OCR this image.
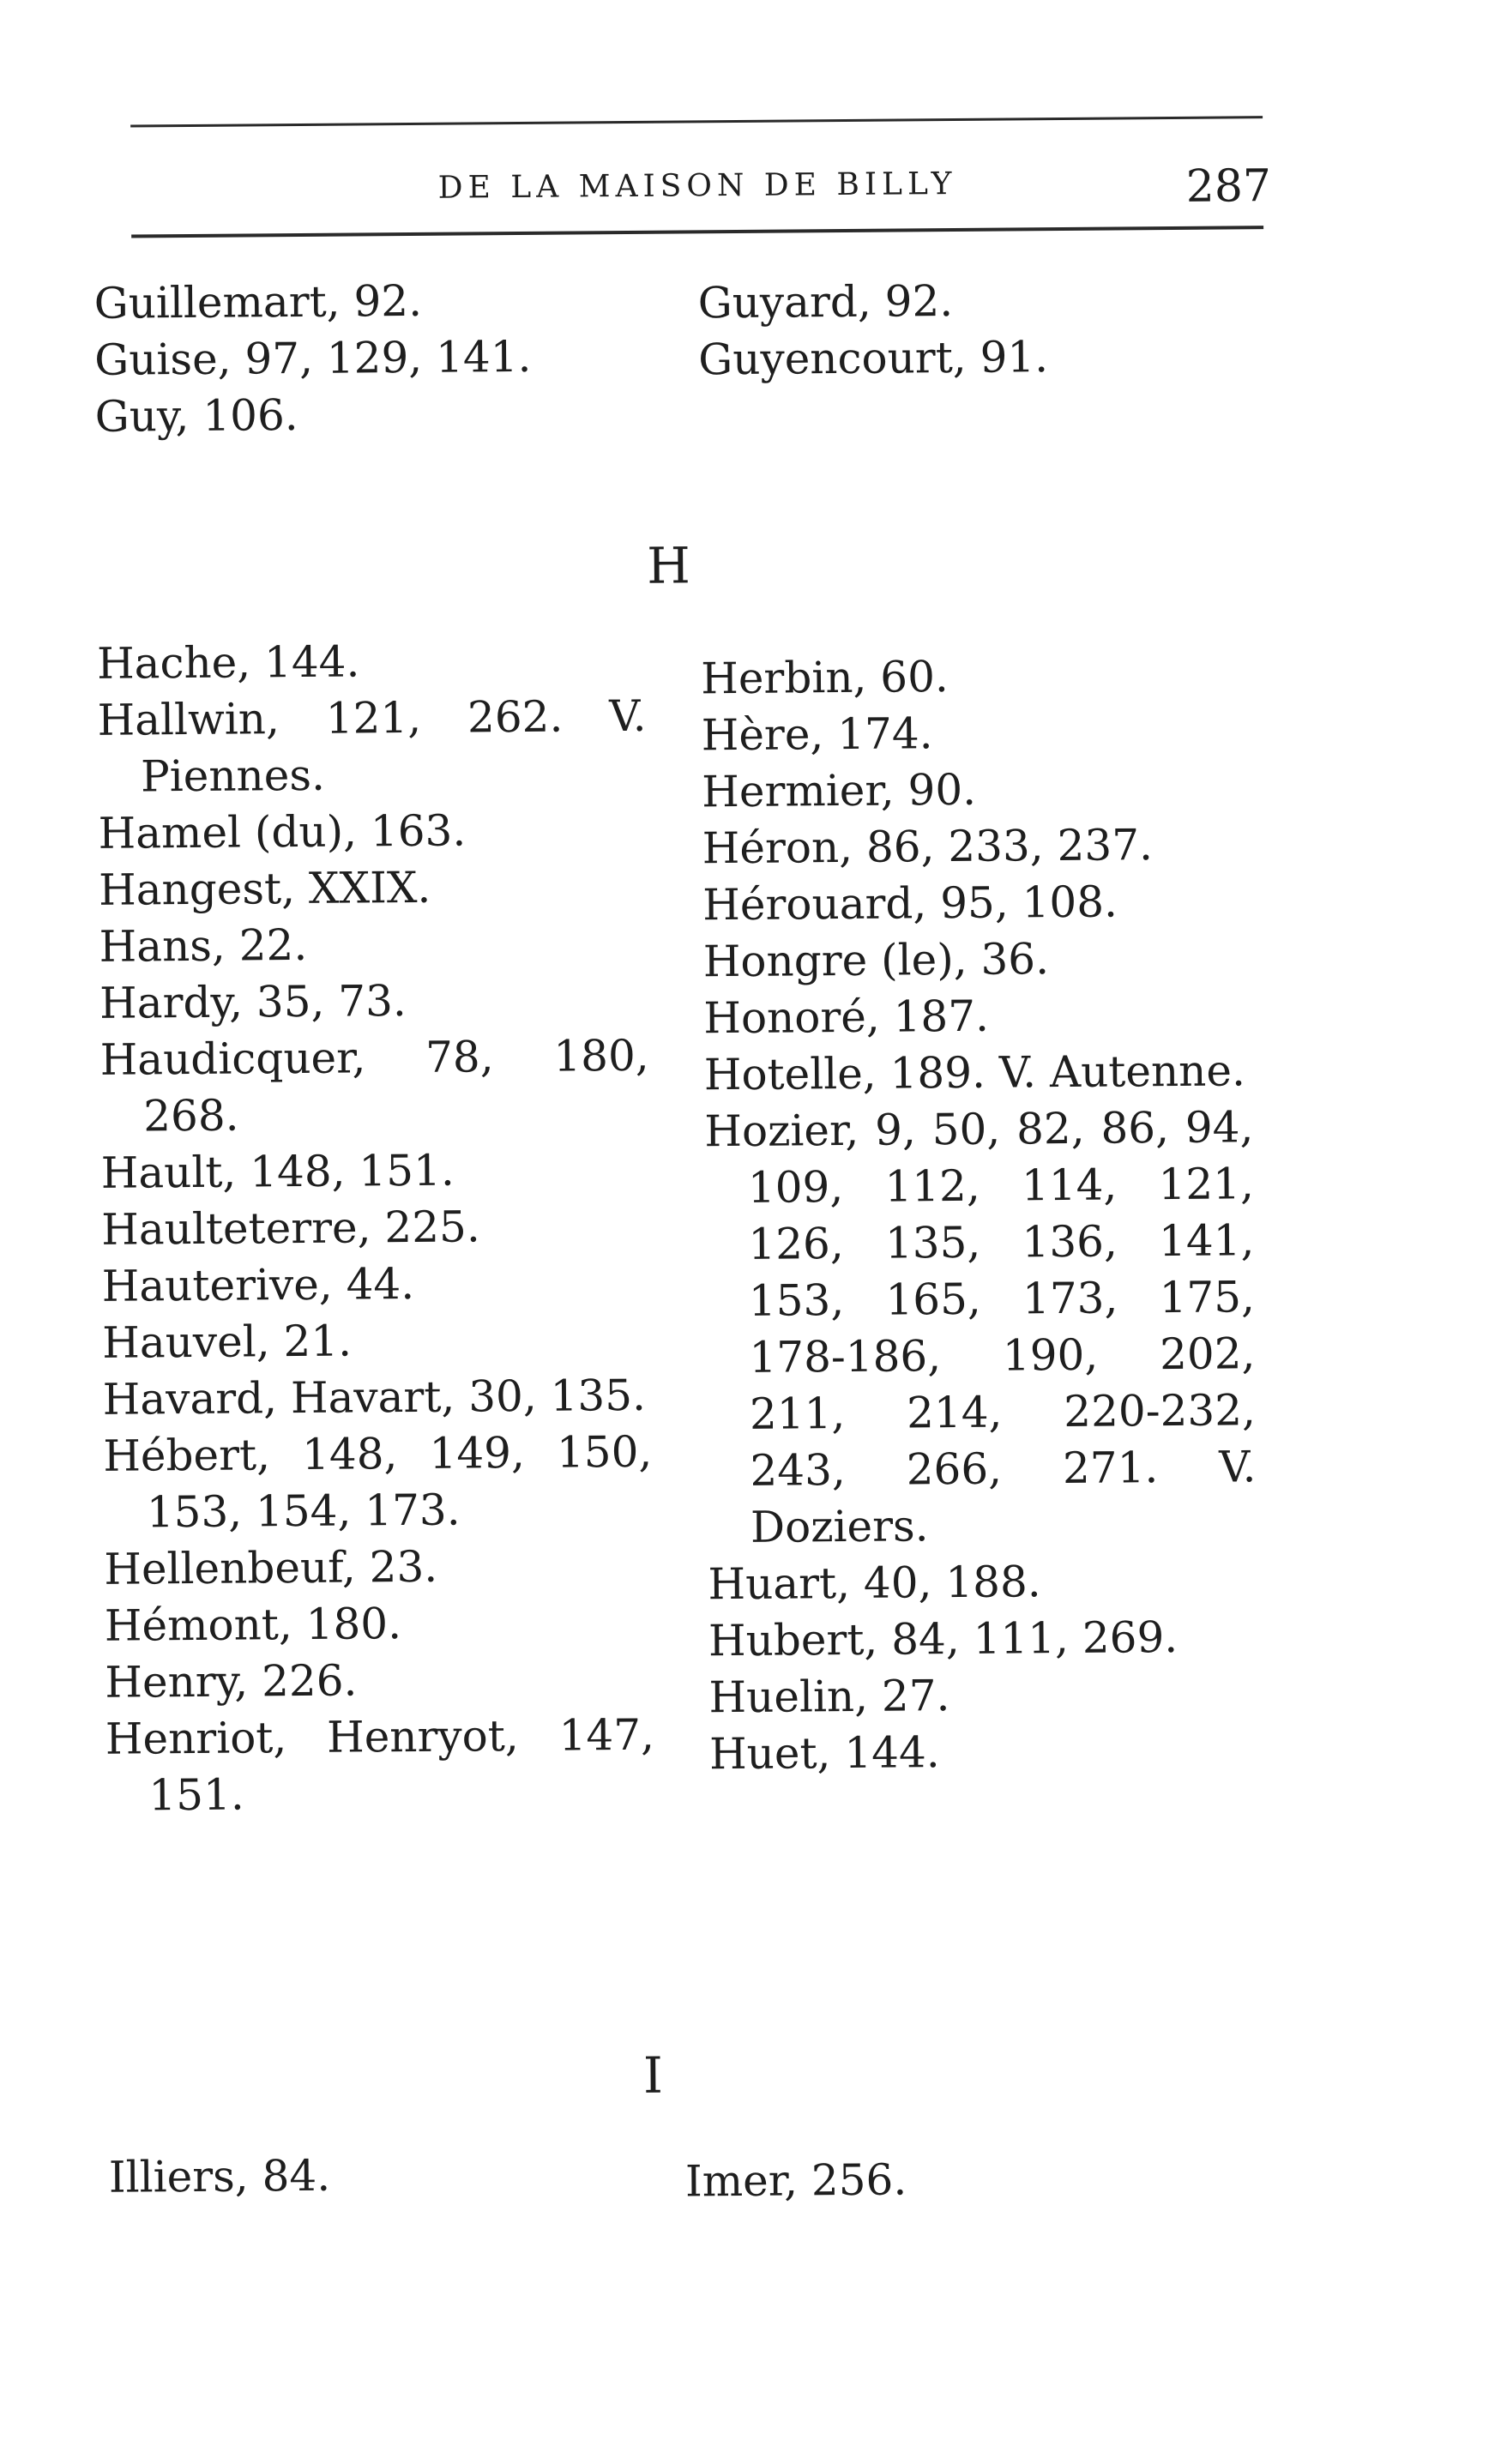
DE LA MAISON DE BILLY	287
Guillemart, 92.
Guise, 97, 129, 141.
Guy, 106.
Guyard, 92.
Guyencourt, 91.
H
Hache, 144.
Hallwin, 121, 262. V. Piennes.
Hamel (du), 163.
Hangest, XXIX.
Hans, 22.
Hardy, 35, 73.
Haudicquer, 78, 180, 268.
Hault, 148, 151.
Haulteterre, 225.
Hauterive, 44.
Hauvel, 21.
Havard, Havart, 30, 135.
Hébert, 148, 149, 150, 153, 154, 173.
Hellenbeuf, 23.
Hémont, 180.
Henry, 226.
Henriot, Henryot, 147, 151.
Herbin, 60.
Hère, 174.
Hermier, 90.
Héron, 86, 233, 237.
Hérouard, 95, 108.
Hongre (le), 36.
Honoré, 187.
Hotelle, 189. V. Autenne.
Hozier, 9, 50, 82, 86, 94, 109, 112, 114, 121, 126, 135, 136, 141, 153, 165, 173, 175, 178-186, 190, 202, 211, 214, 220-232, 243, 266, 271. V. Doziers.
Huart, 40, 188.
Hubert, 84, 111, 269.
Huelin, 27.
Huet, 144.
I
Illiers, 84.	Imer, 256.
